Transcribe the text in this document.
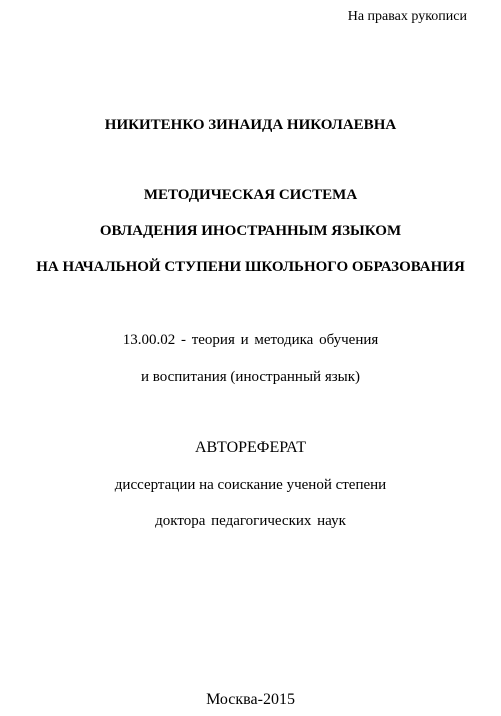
На правах рукописи
НИКИТЕНКО ЗИНАИДА НИКОЛАЕВНА
МЕТОДИЧЕСКАЯ СИСТЕМА
ОВЛАДЕНИЯ ИНОСТРАННЫМ ЯЗЫКОМ
НА НАЧАЛЬНОЙ СТУПЕНИ ШКОЛЬНОГО ОБРАЗОВАНИЯ
13.00.02 - теория и методика обучения
и воспитания (иностранный язык)
АВТОРЕФЕРАТ
диссертации на соискание ученой степени
доктора педагогических наук
Москва-2015
